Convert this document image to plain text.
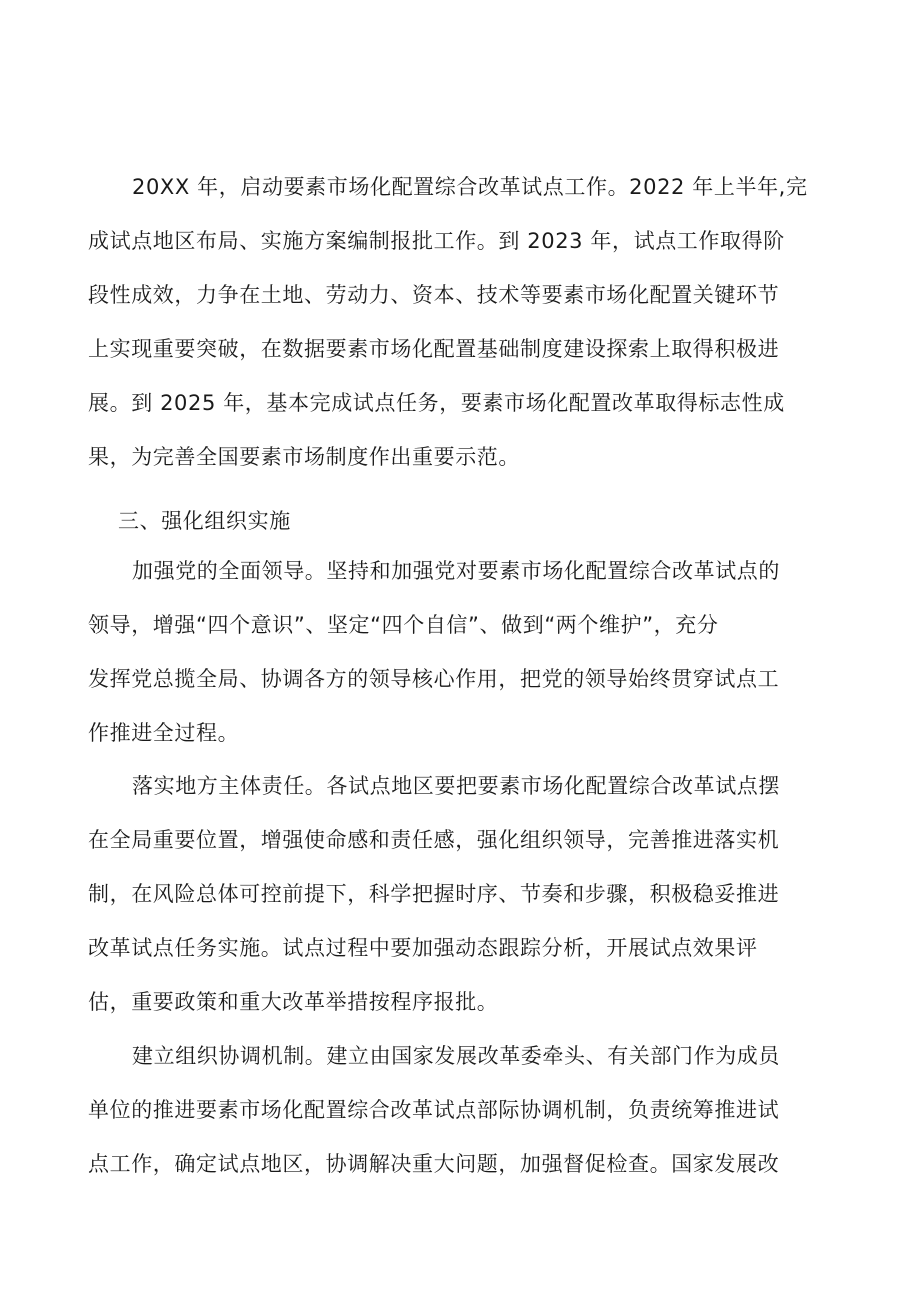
20XX 年，启动要素市场化配置综合改革试点工作。2022 年上半年,完
成试点地区布局、实施方案编制报批工作。到 2023 年，试点工作取得阶
段性成效，力争在土地、劳动力、资本、技术等要素市场化配置关键环节
上实现重要突破，在数据要素市场化配置基础制度建设探索上取得积极进
展。到 2025 年，基本完成试点任务，要素市场化配置改革取得标志性成
果，为完善全国要素市场制度作出重要示范。
三、强化组织实施
加强党的全面领导。坚持和加强党对要素市场化配置综合改革试点的
领导，增强“四个意识”、坚定“四个自信”、做到“两个维护”，充分
发挥党总揽全局、协调各方的领导核心作用，把党的领导始终贯穿试点工
作推进全过程。
落实地方主体责任。各试点地区要把要素市场化配置综合改革试点摆
在全局重要位置，增强使命感和责任感，强化组织领导，完善推进落实机
制，在风险总体可控前提下，科学把握时序、节奏和步骤，积极稳妥推进
改革试点任务实施。试点过程中要加强动态跟踪分析，开展试点效果评
估，重要政策和重大改革举措按程序报批。
建立组织协调机制。建立由国家发展改革委牵头、有关部门作为成员
单位的推进要素市场化配置综合改革试点部际协调机制，负责统筹推进试
点工作，确定试点地区，协调解决重大问题，加强督促检查。国家发展改
